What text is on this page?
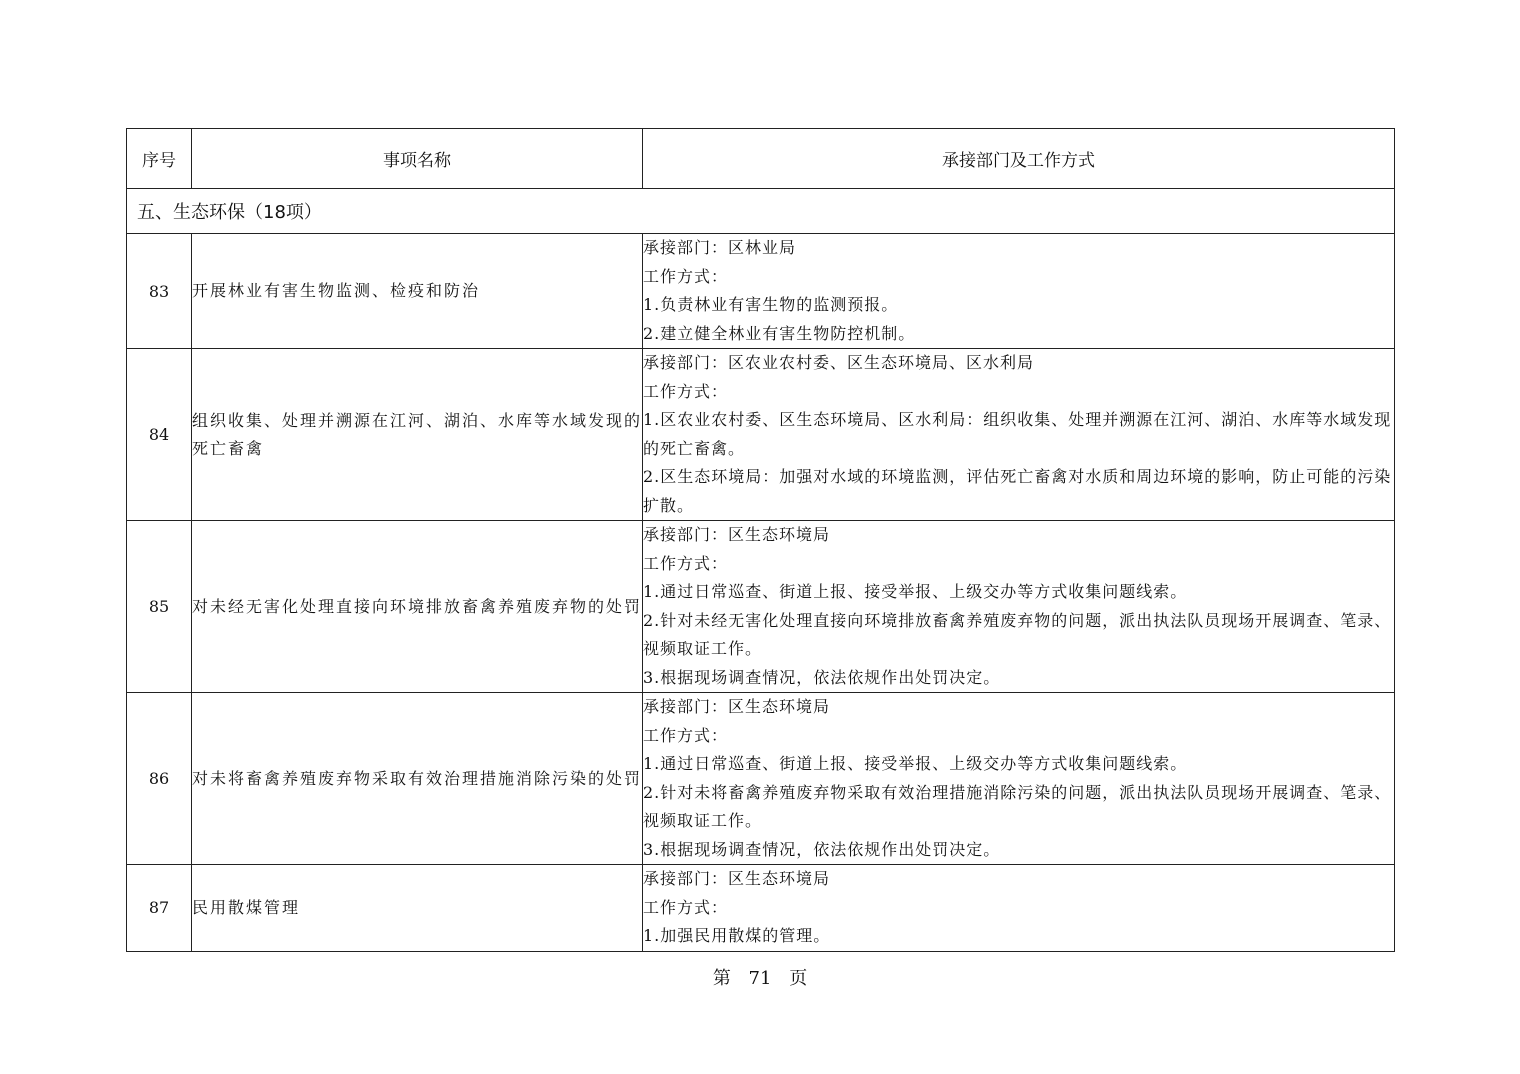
序号	事项名称	承接部门及工作方式
五、生态环保（18项）		
83	开展林业有害生物监测、检疫和防治	承接部门：区林业局
工作方式：
1.负责林业有害生物的监测预报。
2.建立健全林业有害生物防控机制。

84	组织收集、处理并溯源在江河、湖泊、水库等水域发现的死亡畜禽	承接部门：区农业农村委、区生态环境局、区水利局
工作方式：
1.区农业农村委、区生态环境局、区水利局：组织收集、处理并溯源在江河、湖泊、水库等水域发现的死亡畜禽。
2.区生态环境局：加强对水域的环境监测，评估死亡畜禽对水质和周边环境的影响，防止可能的污染扩散。

85	对未经无害化处理直接向环境排放畜禽养殖废弃物的处罚	承接部门：区生态环境局
工作方式：
1.通过日常巡查、街道上报、接受举报、上级交办等方式收集问题线索。
2.针对未经无害化处理直接向环境排放畜禽养殖废弃物的问题，派出执法队员现场开展调查、笔录、视频取证工作。
3.根据现场调查情况，依法依规作出处罚决定。

86	对未将畜禽养殖废弃物采取有效治理措施消除污染的处罚	承接部门：区生态环境局
工作方式：
1.通过日常巡查、街道上报、接受举报、上级交办等方式收集问题线索。
2.针对未将畜禽养殖废弃物采取有效治理措施消除污染的问题，派出执法队员现场开展调查、笔录、视频取证工作。
3.根据现场调查情况，依法依规作出处罚决定。

87	民用散煤管理	承接部门：区生态环境局
工作方式：
1.加强民用散煤的管理。
第 71 页
